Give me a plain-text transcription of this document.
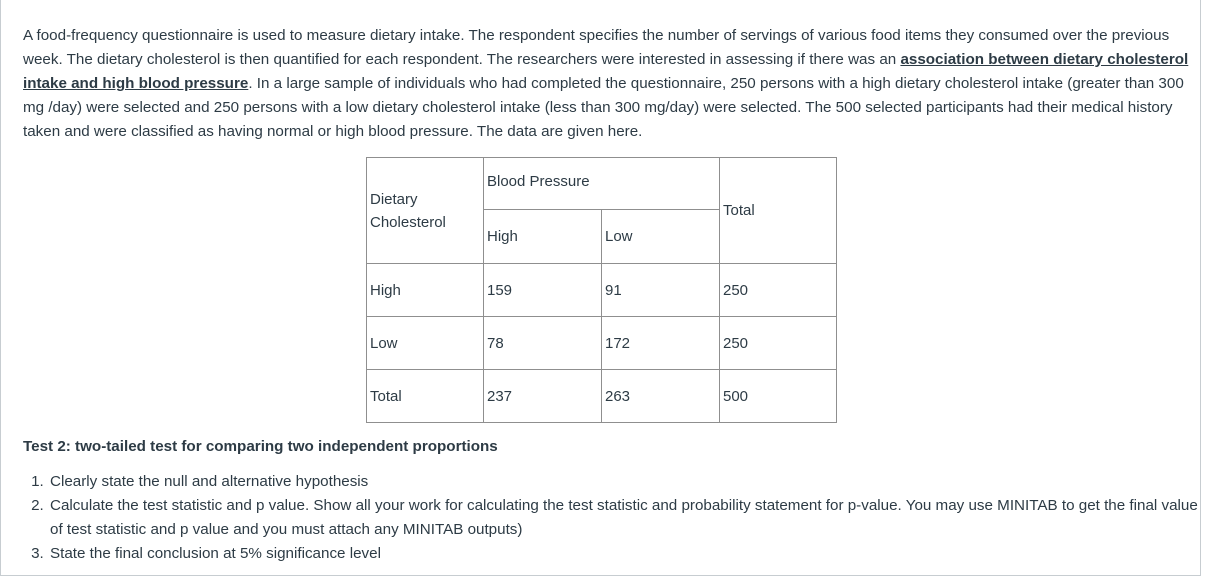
A food-frequency questionnaire is used to measure dietary intake. The respondent specifies the number of servings of various food items they consumed over the previous week. The dietary cholesterol is then quantified for each respondent. The researchers were interested in assessing if there was an association between dietary cholesterol intake and high blood pressure. In a large sample of individuals who had completed the questionnaire, 250 persons with a high dietary cholesterol intake (greater than 300 mg /day) were selected and 250 persons with a low dietary cholesterol intake (less than 300 mg/day) were selected. The 500 selected participants had their medical history taken and were classified as having normal or high blood pressure. The data are given here.

Dietary
Cholesterol	Blood Pressure		Total
	High	Low	
High	159	91	250
Low	78	172	250
Total	237	263	500
Test 2: two-tailed test for comparing two independent proportions
1. Clearly state the null and alternative hypothesis
2. Calculate the test statistic and p value. Show all your work for calculating the test statistic and probability statement for p-value. You may use MINITAB to get the final value of test statistic and p value and you must attach any MINITAB outputs)
3. State the final conclusion at 5% significance level
